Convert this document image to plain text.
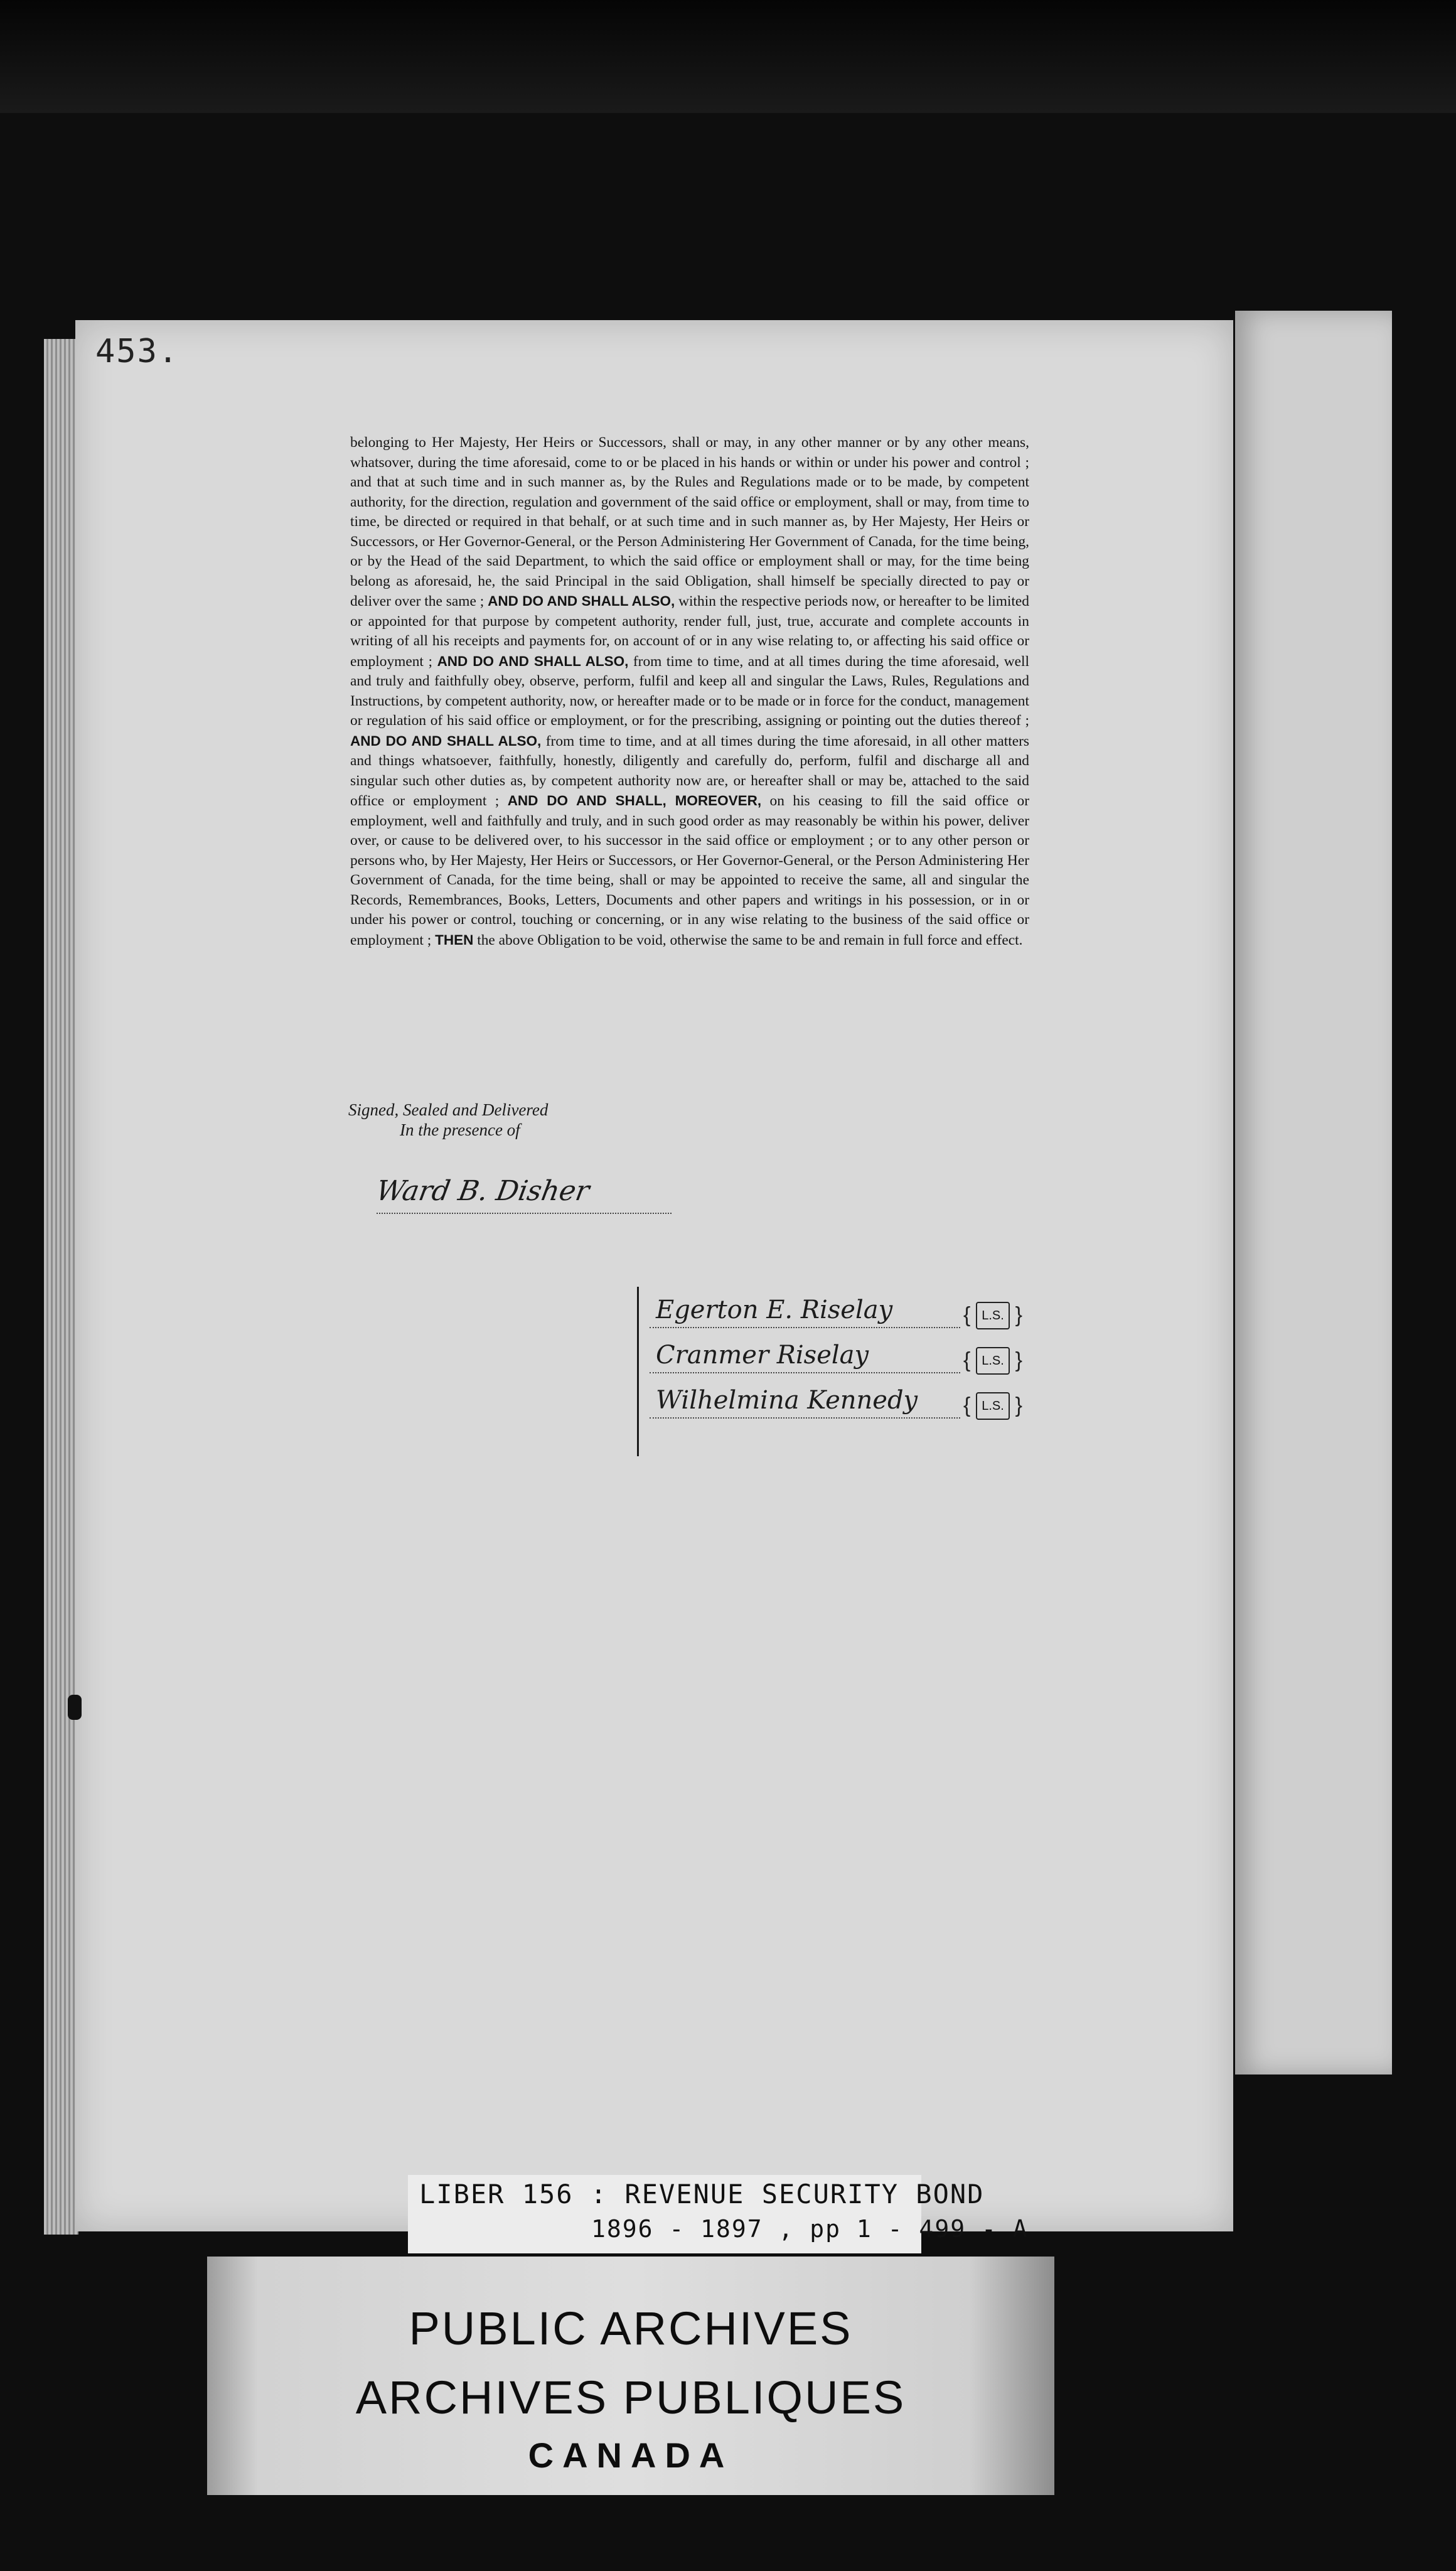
453.
belonging to Her Majesty, Her Heirs or Successors, shall or may, in any other manner or by any other means, whatsover, during the time aforesaid, come to or be placed in his hands or within or under his power and control ; and that at such time and in such manner as, by the Rules and Regulations made or to be made, by competent authority, for the direction, regulation and government of the said office or employment, shall or may, from time to time, be directed or required in that behalf, or at such time and in such manner as, by Her Majesty, Her Heirs or Successors, or Her Governor-General, or the Person Administering Her Government of Canada, for the time being, or by the Head of the said Department, to which the said office or employment shall or may, for the time being belong as aforesaid, he, the said Principal in the said Obligation, shall himself be specially directed to pay or deliver over the same ; AND DO AND SHALL ALSO, within the respective periods now, or hereafter to be limited or appointed for that purpose by competent authority, render full, just, true, accurate and complete accounts in writing of all his receipts and payments for, on account of or in any wise relating to, or affecting his said office or employment ; AND DO AND SHALL ALSO, from time to time, and at all times during the time aforesaid, well and truly and faithfully obey, observe, perform, fulfil and keep all and singular the Laws, Rules, Regulations and Instructions, by competent authority, now, or hereafter made or to be made or in force for the conduct, management or regulation of his said office or employment, or for the prescribing, assigning or pointing out the duties thereof ; AND DO AND SHALL ALSO, from time to time, and at all times during the time aforesaid, in all other matters and things whatsoever, faithfully, honestly, diligently and carefully do, perform, fulfil and discharge all and singular such other duties as, by competent authority now are, or hereafter shall or may be, attached to the said office or employment ; AND DO AND SHALL, MOREOVER, on his ceasing to fill the said office or employment, well and faithfully and truly, and in such good order as may reasonably be within his power, deliver over, or cause to be delivered over, to his successor in the said office or employment ; or to any other person or persons who, by Her Majesty, Her Heirs or Successors, or Her Governor-General, or the Person Administering Her Government of Canada, for the time being, shall or may be appointed to receive the same, all and singular the Records, Remembrances, Books, Letters, Documents and other papers and writings in his possession, or in or under his power or control, touching or concerning, or in any wise relating to the business of the said office or employment ; THEN the above Obligation to be void, otherwise the same to be and remain in full force and effect.
Signed, Sealed and Delivered
In the presence of
Ward B. Disher
Egerton E. Riselay	{ L.S. }
Cranmer Riselay	{ L.S. }
Wilhelmina Kennedy	{ L.S. }
LIBER 156 : REVENUE SECURITY BOND
1896 - 1897 , pp 1 - 499 - A
PUBLIC ARCHIVES
ARCHIVES PUBLIQUES
CANADA
